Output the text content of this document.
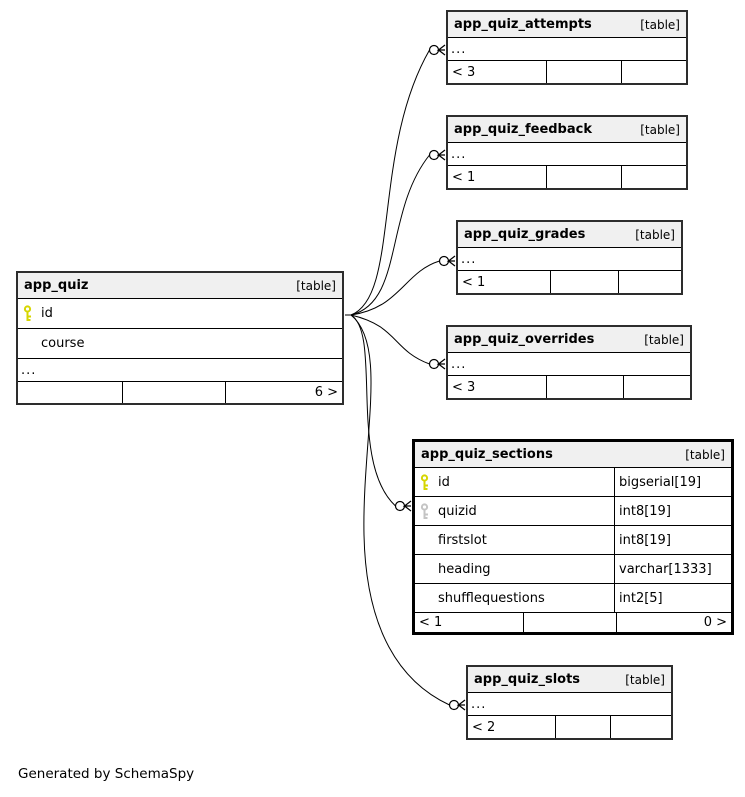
app_quiz	[table]
id
course
...
6 >
app_quiz_attempts	[table]
...
< 3
app_quiz_feedback	[table]
...
< 1
app_quiz_grades	[table]
...
< 1
app_quiz_overrides	[table]
...
< 3
app_quiz_sections	[table]
id	bigserial[19]
quizid	int8[19]
firstslot	int8[19]
heading	varchar[1333]
shufflequestions	int2[5]
< 1	0 >
app_quiz_slots	[table]
...
< 2
Generated by SchemaSpy
